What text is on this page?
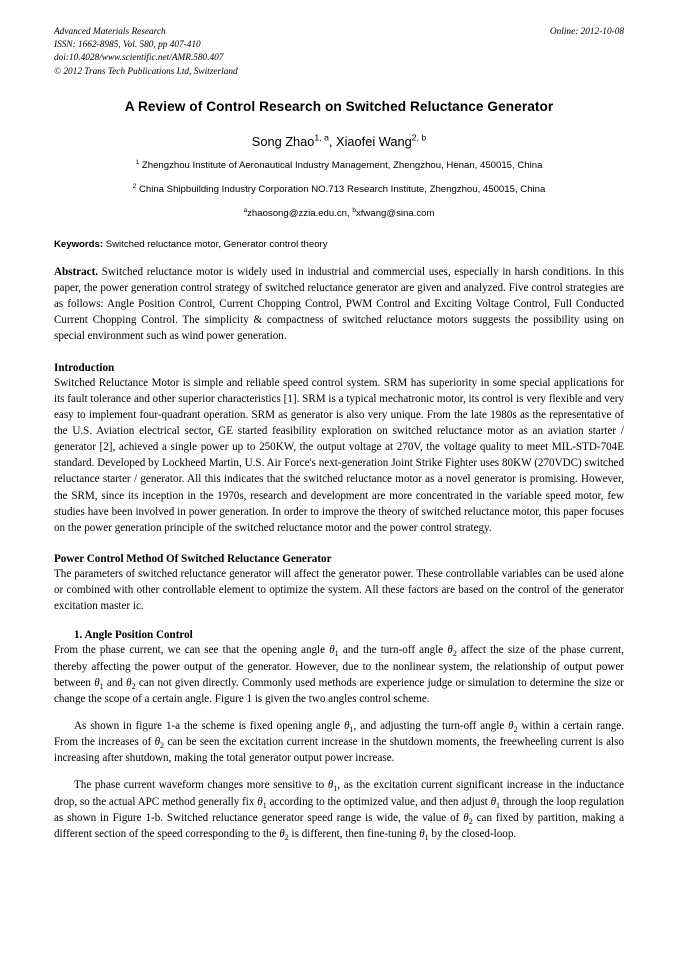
Advanced Materials Research
ISSN: 1662-8985, Vol. 580, pp 407-410
doi:10.4028/www.scientific.net/AMR.580.407
© 2012 Trans Tech Publications Ltd, Switzerland
Online: 2012-10-08
A Review of Control Research on Switched Reluctance Generator
Song Zhao$^{1, a}$, Xiaofei Wang$^{2, b}$
$^1$ Zhengzhou Institute of Aeronautical Industry Management, Zhengzhou, Henan, 450015, China
$^2$ China Shipbuilding Industry Corporation NO.713 Research Institute, Zhengzhou, 450015, China
$^a$zhaosong@zzia.edu.cn, $^b$xfwang@sina.com
Keywords: Switched reluctance motor, Generator control theory
Abstract. Switched reluctance motor is widely used in industrial and commercial uses, especially in harsh conditions. In this paper, the power generation control strategy of switched reluctance generator are given and analyzed. Five control strategies are as follows: Angle Position Control, Current Chopping Control, PWM Control and Exciting Voltage Control, Full Conducted Current Chopping Control. The simplicity & compactness of switched reluctance motors suggests the possibility using on special environment such as wind power generation.
Introduction

Switched Reluctance Motor is simple and reliable speed control system. SRM has superiority in some special applications for its fault tolerance and other superior characteristics [1]. SRM is a typical mechatronic motor, its control is very flexible and very easy to implement four-quadrant operation. SRM as generator is also very unique. From the late 1980s as the representative of the U.S. Aviation electrical sector, GE started feasibility exploration on switched reluctance motor as an aviation starter / generator [2], achieved a single power up to 250KW, the output voltage at 270V, the voltage quality to meet MIL-STD-704E standard. Developed by Lockheed Martin, U.S. Air Force's next-generation Joint Strike Fighter uses 80KW (270VDC) switched reluctance starter / generator. All this indicates that the switched reluctance motor as a novel generator is promising. However, the SRM, since its inception in the 1970s, research and development are more concentrated in the variable speed motor, few studies have been involved in power generation. In order to improve the theory of switched reluctance motor, this paper focuses on the power generation principle of the switched reluctance motor and the power control strategy.

Power Control Method Of Switched Reluctance Generator

The parameters of switched reluctance generator will affect the generator power. These controllable variables can be used alone or combined with other controllable element to optimize the system. All these factors are based on the control of the generator excitation master ic.

1. Angle Position Control

From the phase current, we can see that the opening angle $\theta_1$ and the turn-off angle $\theta_2$ affect the size of the phase current, thereby affecting the power output of the generator. However, due to the nonlinear system, the relationship of output power between $\theta_1$ and $\theta_2$ can not given directly. Commonly used methods are experience judge or simulation to determine the size or change the scope of a certain angle. Figure 1 is given the two angles control scheme.

As shown in figure 1-a the scheme is fixed opening angle $\theta_1$, and adjusting the turn-off angle $\theta_2$ within a certain range. From the increases of $\theta_2$ can be seen the excitation current increase in the shutdown moments, the freewheeling current is also increasing after shutdown, making the total generator output power increase.

The phase current waveform changes more sensitive to $\theta_1$, as the excitation current significant increase in the inductance drop, so the actual APC method generally fix $\theta_1$ according to the optimized value, and then adjust $\theta_1$ through the loop regulation as shown in Figure 1-b. Switched reluctance generator speed range is wide, the value of $\theta_2$ can fixed by partition, making a different section of the speed corresponding to the $\theta_2$ is different, then fine-tuning $\theta_1$ by the closed-loop.
